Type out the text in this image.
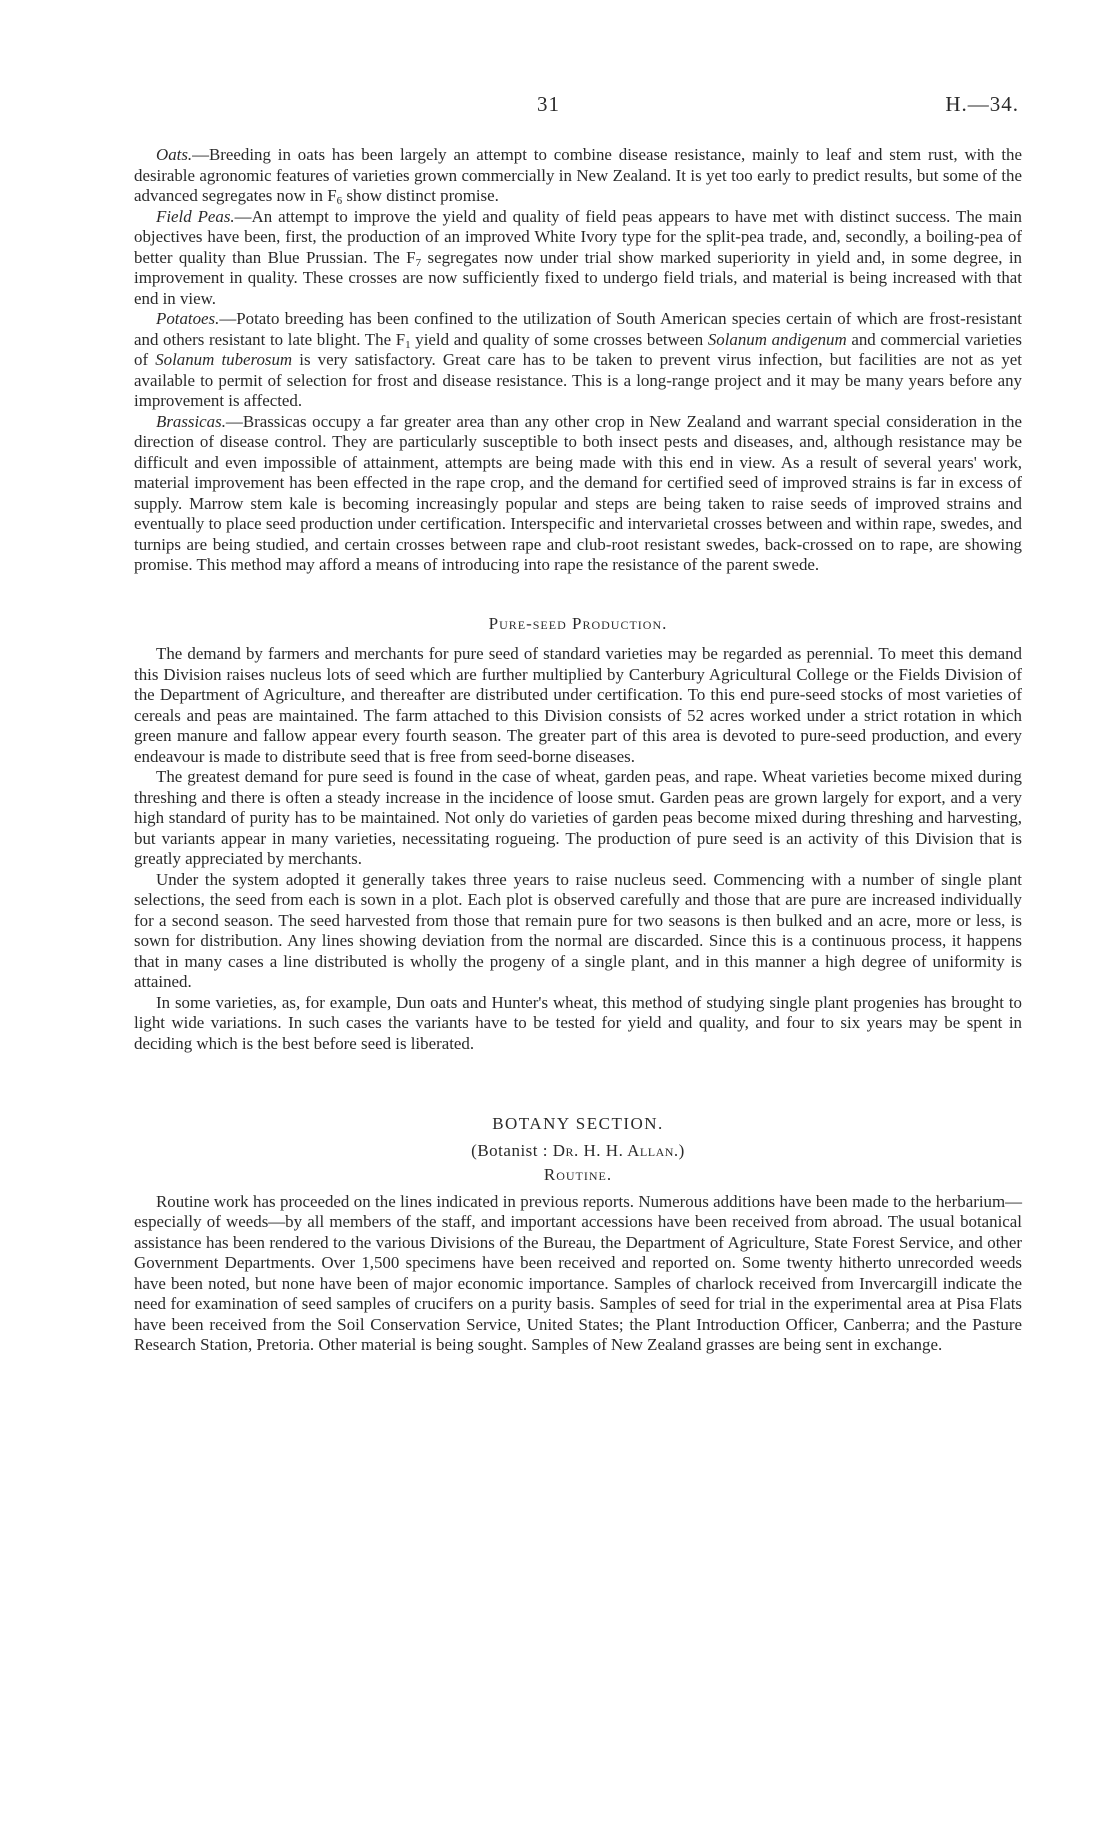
31	H.—34.

Oats.—Breeding in oats has been largely an attempt to combine disease resistance, mainly to leaf and stem rust, with the desirable agronomic features of varieties grown commercially in New Zealand. It is yet too early to predict results, but some of the advanced segregates now in $F_6$ show distinct promise.

Field Peas.—An attempt to improve the yield and quality of field peas appears to have met with distinct success. The main objectives have been, first, the production of an improved White Ivory type for the split-pea trade, and, secondly, a boiling-pea of better quality than Blue Prussian. The $F_7$ segregates now under trial show marked superiority in yield and, in some degree, in improvement in quality. These crosses are now sufficiently fixed to undergo field trials, and material is being increased with that end in view.

Potatoes.—Potato breeding has been confined to the utilization of South American species certain of which are frost-resistant and others resistant to late blight. The $F_1$ yield and quality of some crosses between Solanum andigenum and commercial varieties of Solanum tuberosum is very satisfactory. Great care has to be taken to prevent virus infection, but facilities are not as yet available to permit of selection for frost and disease resistance. This is a long-range project and it may be many years before any improvement is affected.

Brassicas.—Brassicas occupy a far greater area than any other crop in New Zealand and warrant special consideration in the direction of disease control. They are particularly susceptible to both insect pests and diseases, and, although resistance may be difficult and even impossible of attainment, attempts are being made with this end in view. As a result of several years' work, material improvement has been effected in the rape crop, and the demand for certified seed of improved strains is far in excess of supply. Marrow stem kale is becoming increasingly popular and steps are being taken to raise seeds of improved strains and eventually to place seed production under certification. Interspecific and intervarietal crosses between and within rape, swedes, and turnips are being studied, and certain crosses between rape and club-root resistant swedes, back-crossed on to rape, are showing promise. This method may afford a means of introducing into rape the resistance of the parent swede.

Pure-seed Production.

The demand by farmers and merchants for pure seed of standard varieties may be regarded as perennial. To meet this demand this Division raises nucleus lots of seed which are further multiplied by Canterbury Agricultural College or the Fields Division of the Department of Agriculture, and thereafter are distributed under certification. To this end pure-seed stocks of most varieties of cereals and peas are maintained. The farm attached to this Division consists of 52 acres worked under a strict rotation in which green manure and fallow appear every fourth season. The greater part of this area is devoted to pure-seed production, and every endeavour is made to distribute seed that is free from seed-borne diseases.

The greatest demand for pure seed is found in the case of wheat, garden peas, and rape. Wheat varieties become mixed during threshing and there is often a steady increase in the incidence of loose smut. Garden peas are grown largely for export, and a very high standard of purity has to be maintained. Not only do varieties of garden peas become mixed during threshing and harvesting, but variants appear in many varieties, necessitating rogueing. The production of pure seed is an activity of this Division that is greatly appreciated by merchants.

Under the system adopted it generally takes three years to raise nucleus seed. Commencing with a number of single plant selections, the seed from each is sown in a plot. Each plot is observed carefully and those that are pure are increased individually for a second season. The seed harvested from those that remain pure for two seasons is then bulked and an acre, more or less, is sown for distribution. Any lines showing deviation from the normal are discarded. Since this is a continuous process, it happens that in many cases a line distributed is wholly the progeny of a single plant, and in this manner a high degree of uniformity is attained.

In some varieties, as, for example, Dun oats and Hunter's wheat, this method of studying single plant progenies has brought to light wide variations. In such cases the variants have to be tested for yield and quality, and four to six years may be spent in deciding which is the best before seed is liberated.

BOTANY SECTION.
(Botanist : Dr. H. H. Allan.)
Routine.

Routine work has proceeded on the lines indicated in previous reports. Numerous additions have been made to the herbarium—especially of weeds—by all members of the staff, and important accessions have been received from abroad. The usual botanical assistance has been rendered to the various Divisions of the Bureau, the Department of Agriculture, State Forest Service, and other Government Departments. Over 1,500 specimens have been received and reported on. Some twenty hitherto unrecorded weeds have been noted, but none have been of major economic importance. Samples of charlock received from Invercargill indicate the need for examination of seed samples of crucifers on a purity basis. Samples of seed for trial in the experimental area at Pisa Flats have been received from the Soil Conservation Service, United States; the Plant Introduction Officer, Canberra; and the Pasture Research Station, Pretoria. Other material is being sought. Samples of New Zealand grasses are being sent in exchange.
